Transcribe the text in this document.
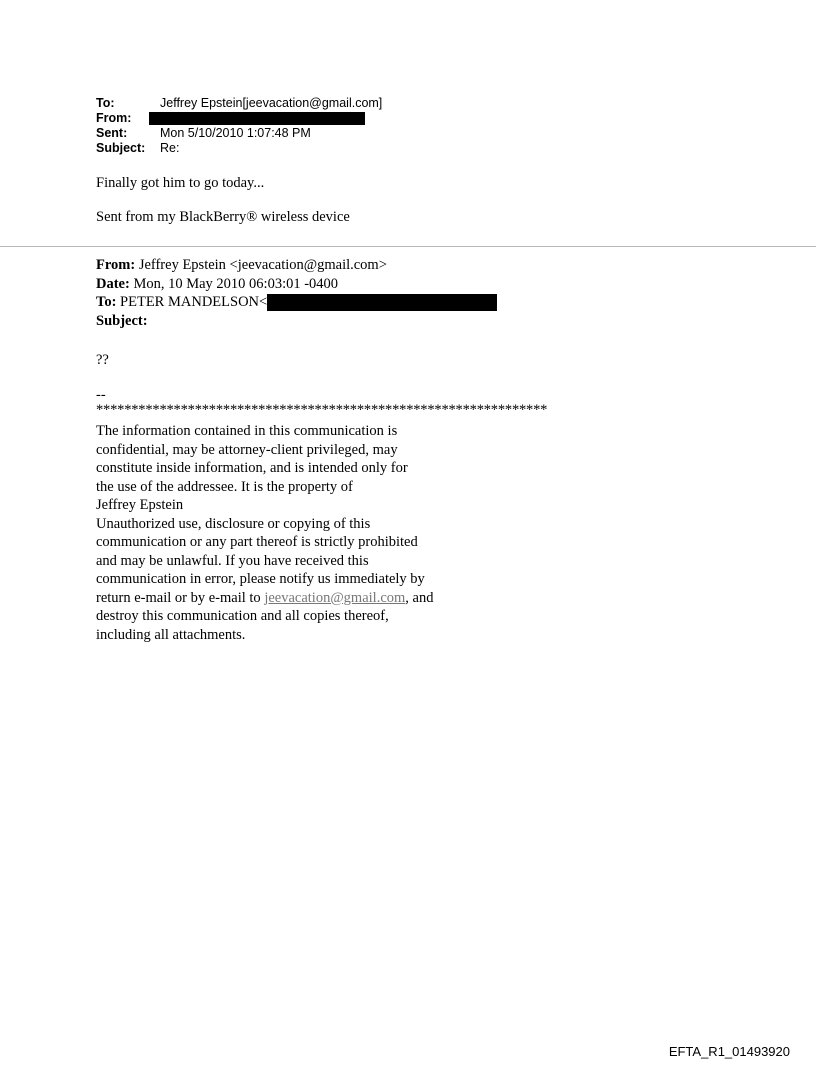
To:	Jeffrey Epstein[jeevacation@gmail.com]
From:
Sent:	Mon 5/10/2010 1:07:48 PM
Subject:	Re:
Finally got him to go today...
Sent from my BlackBerry® wireless device
From: Jeffrey Epstein <jeevacation@gmail.com>
Date: Mon, 10 May 2010 06:03:01 -0400
To: PETER MANDELSON<
Subject:
??
--
****************************************************************

The information contained in this communication is

confidential, may be attorney-client privileged, may

constitute inside information, and is intended only for

the use of the addressee. It is the property of

Jeffrey Epstein

Unauthorized use, disclosure or copying of this

communication or any part thereof is strictly prohibited

and may be unlawful. If you have received this

communication in error, please notify us immediately by

return e-mail or by e-mail to jeevacation@gmail.com, and

destroy this communication and all copies thereof,

including all attachments.

EFTA_R1_01493920
